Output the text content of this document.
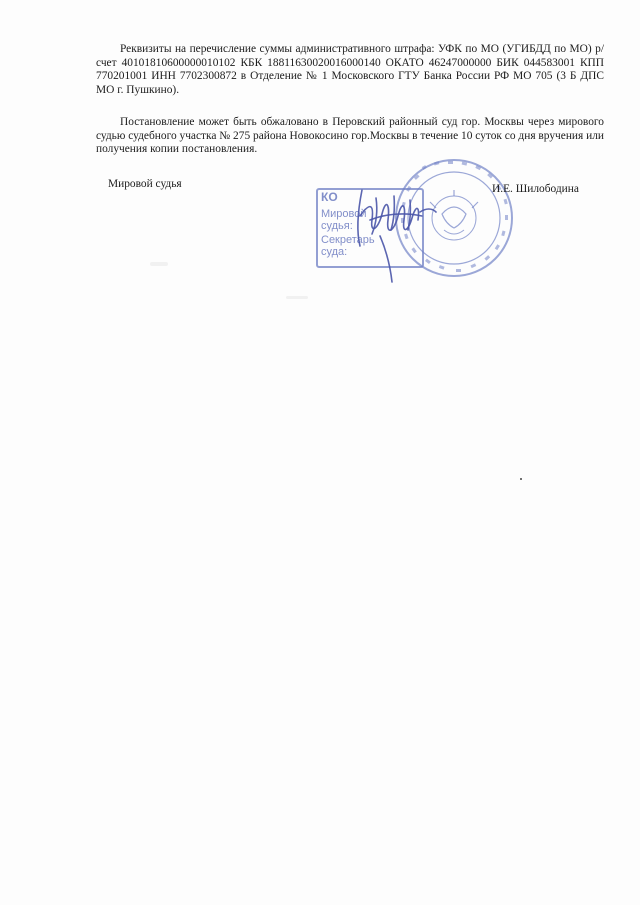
Реквизиты на перечисление суммы административного штрафа: УФК по МО (УГИБДД по МО) р/счет 40101810600000010102 КБК 18811630020016000140 ОКАТО 46247000000 БИК 044583001 КПП 770201001 ИНН 7702300872 в Отделение № 1 Московского ГТУ Банка России РФ МО 705 (3 Б ДПС МО г. Пушкино).

Постановление может быть обжаловано в Перовский районный суд гор. Москвы через мирового судью судебного участка № 275 района Новокосино гор.Москвы в течение 10 суток со дня вручения или получения копии постановления.

Мировой судья
КО
Мировой
судья:
Секретарь
суда:
И.Е. Шилободина
